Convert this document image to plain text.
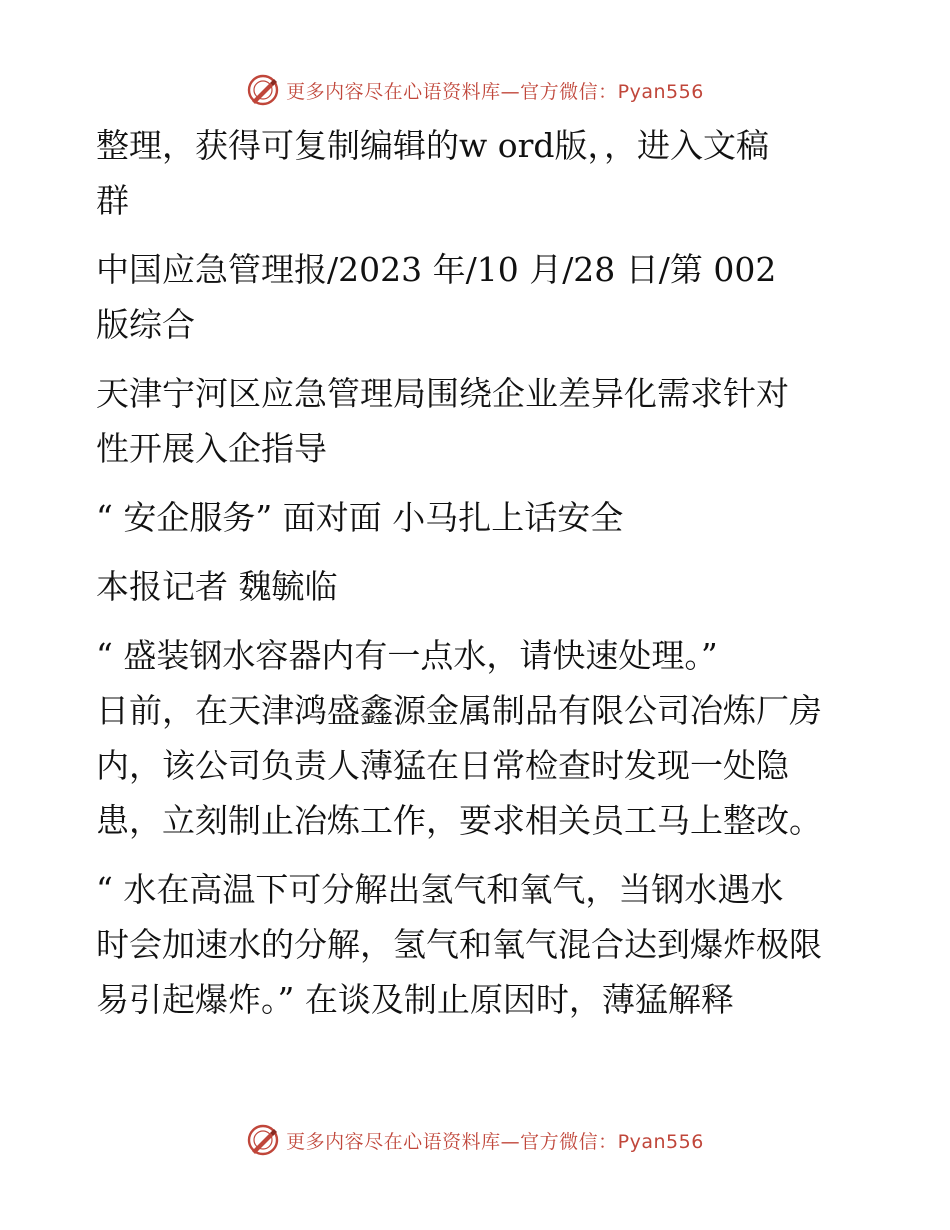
更多内容尽在心语资料库—官方微信：Pyan556

整理，获得可复制编辑的w ord版，，进入文稿
群

中国应急管理报/2023 年/10 月/28 日/第 002
版综合

天津宁河区应急管理局围绕企业差异化需求针对
性开展入企指导

“ 安企服务” 面对面 小马扎上话安全

本报记者 魏毓临

“ 盛装钢水容器内有一点水，请快速处理。”
日前，在天津鸿盛鑫源金属制品有限公司冶炼厂房
内，该公司负责人薄猛在日常检查时发现一处隐
患，立刻制止冶炼工作，要求相关员工马上整改。

“ 水在高温下可分解出氢气和氧气，当钢水遇水
时会加速水的分解，氢气和氧气混合达到爆炸极限
易引起爆炸。” 在谈及制止原因时，薄猛解释

更多内容尽在心语资料库—官方微信：Pyan556
